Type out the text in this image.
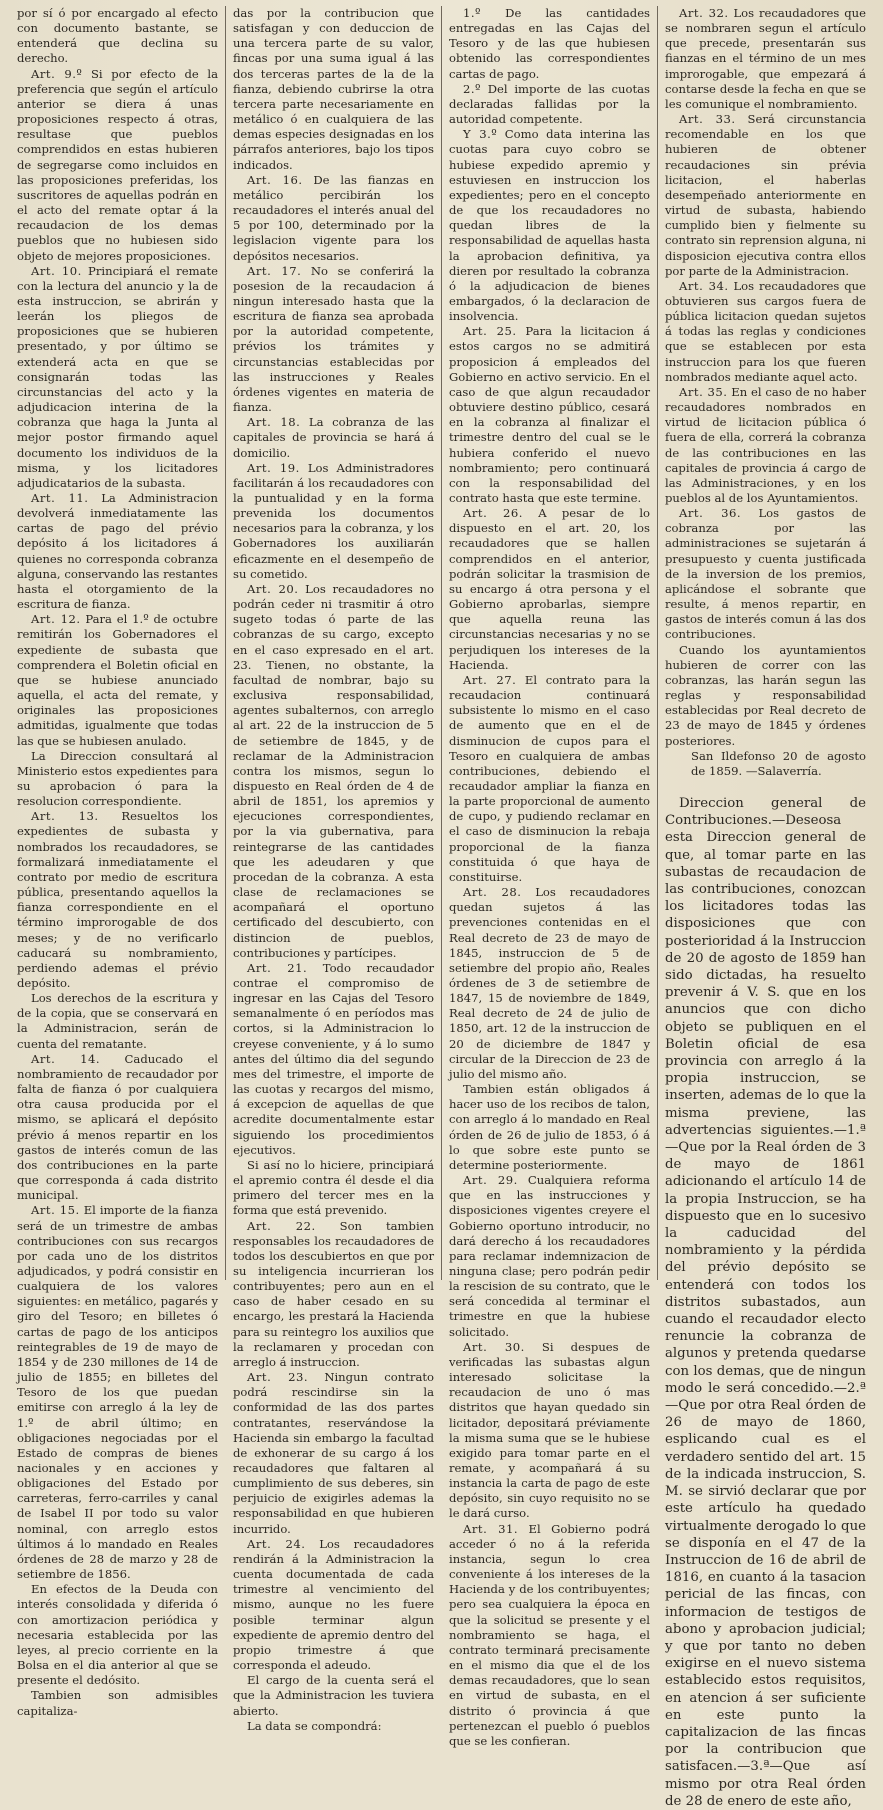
por sí ó por encargado al efecto con documento bastante, se entenderá que declina su derecho.

Art. 9.º Si por efecto de la preferencia que según el artículo anterior se diera á unas proposiciones respecto á otras, resultase que pueblos comprendidos en estas hubieren de segregarse como incluidos en las proposiciones preferidas, los suscritores de aquellas podrán en el acto del remate optar á la recaudacion de los demas pueblos que no hubiesen sido objeto de mejores proposiciones.

Art. 10. Principiará el remate con la lectura del anuncio y la de esta instruccion, se abrirán y leerán los pliegos de proposiciones que se hubieren presentado, y por último se extenderá acta en que se consignarán todas las circunstancias del acto y la adjudicacion interina de la cobranza que haga la Junta al mejor postor firmando aquel documento los individuos de la misma, y los licitadores adjudicatarios de la subasta.

Art. 11. La Administracion devolverá inmediatamente las cartas de pago del prévio depósito á los licitadores á quienes no corresponda cobranza alguna, conservando las restantes hasta el otorgamiento de la escritura de fianza.

Art. 12. Para el 1.º de octubre remitirán los Gobernadores el expediente de subasta que comprendera el Boletin oficial en que se hubiese anunciado aquella, el acta del remate, y originales las proposiciones admitidas, igualmente que todas las que se hubiesen anulado.

La Direccion consultará al Ministerio estos expedientes para su aprobacion ó para la resolucion correspondiente.

Art. 13. Resueltos los expedientes de subasta y nombrados los recaudadores, se formalizará inmediatamente el contrato por medio de escritura pública, presentando aquellos la fianza correspondiente en el término improrogable de dos meses; y de no verificarlo caducará su nombramiento, perdiendo ademas el prévio depósito.

Los derechos de la escritura y de la copia, que se conservará en la Administracion, serán de cuenta del rematante.

Art. 14. Caducado el nombramiento de recaudador por falta de fianza ó por cualquiera otra causa producida por el mismo, se aplicará el depósito prévio á menos repartir en los gastos de interés comun de las dos contribuciones en la parte que corresponda á cada distrito municipal.

Art. 15. El importe de la fianza será de un trimestre de ambas contribuciones con sus recargos por cada uno de los distritos adjudicados, y podrá consistir en cualquiera de los valores siguientes: en metálico, pagarés y giro del Tesoro; en billetes ó cartas de pago de los anticipos reintegrables de 19 de mayo de 1854 y de 230 millones de 14 de julio de 1855; en billetes del Tesoro de los que puedan emitirse con arreglo á la ley de 1.º de abril último; en obligaciones negociadas por el Estado de compras de bienes nacionales y en acciones y obligaciones del Estado por carreteras, ferro-carriles y canal de Isabel II por todo su valor nominal, con arreglo estos últimos á lo mandado en Reales órdenes de 28 de marzo y 28 de setiembre de 1856.

En efectos de la Deuda con interés consolidada y diferida ó con amortizacion periódica y necesaria establecida por las leyes, al precio corriente en la Bolsa en el dia anterior al que se presente el dedósito.

Tambien son admisibles capitaliza-

das por la contribucion que satisfagan y con deduccion de una tercera parte de su valor, fincas por una suma igual á las dos terceras partes de la de la fianza, debiendo cubrirse la otra tercera parte necesariamente en metálico ó en cualquiera de las demas especies designadas en los párrafos anteriores, bajo los tipos indicados.

Art. 16. De las fianzas en metálico percibirán los recaudadores el interés anual del 5 por 100, determinado por la legislacion vigente para los depósitos necesarios.

Art. 17. No se conferirá la posesion de la recaudacion á ningun interesado hasta que la escritura de fianza sea aprobada por la autoridad competente, prévios los trámites y circunstancias establecidas por las instrucciones y Reales órdenes vigentes en materia de fianza.

Art. 18. La cobranza de las capitales de provincia se hará á domicilio.

Art. 19. Los Administradores facilitarán á los recaudadores con la puntualidad y en la forma prevenida los documentos necesarios para la cobranza, y los Gobernadores los auxiliarán eficazmente en el desempeño de su cometido.

Art. 20. Los recaudadores no podrán ceder ni trasmitir á otro sugeto todas ó parte de las cobranzas de su cargo, excepto en el caso expresado en el art. 23. Tienen, no obstante, la facultad de nombrar, bajo su exclusiva responsabilidad, agentes subalternos, con arreglo al art. 22 de la instruccion de 5 de setiembre de 1845, y de reclamar de la Administracion contra los mismos, segun lo dispuesto en Real órden de 4 de abril de 1851, los apremios y ejecuciones correspondientes, por la via gubernativa, para reintegrarse de las cantidades que les adeudaren y que procedan de la cobranza. A esta clase de reclamaciones se acompañará el oportuno certificado del descubierto, con distincion de pueblos, contribuciones y partícipes.

Art. 21. Todo recaudador contrae el compromiso de ingresar en las Cajas del Tesoro semanalmente ó en períodos mas cortos, si la Administracion lo creyese conveniente, y á lo sumo antes del último dia del segundo mes del trimestre, el importe de las cuotas y recargos del mismo, á excepcion de aquellas de que acredite documentalmente estar siguiendo los procedimientos ejecutivos.

Si así no lo hiciere, principiará el apremio contra él desde el dia primero del tercer mes en la forma que está prevenido.

Art. 22. Son tambien responsables los recaudadores de todos los descubiertos en que por su inteligencia incurrieran los contribuyentes; pero aun en el caso de haber cesado en su encargo, les prestará la Hacienda para su reintegro los auxilios que la reclamaren y procedan con arreglo á instruccion.

Art. 23. Ningun contrato podrá rescindirse sin la conformidad de las dos partes contratantes, reservándose la Hacienda sin embargo la facultad de exhonerar de su cargo á los recaudadores que faltaren al cumplimiento de sus deberes, sin perjuicio de exigirles ademas la responsabilidad en que hubieren incurrido.

Art. 24. Los recaudadores rendirán á la Administracion la cuenta documentada de cada trimestre al vencimiento del mismo, aunque no les fuere posible terminar algun expediente de apremio dentro del propio trimestre á que corresponda el adeudo.

El cargo de la cuenta será el que la Administracion les tuviera abierto.

La data se compondrá:

1.º De las cantidades entregadas en las Cajas del Tesoro y de las que hubiesen obtenido las correspondientes cartas de pago.

2.º Del importe de las cuotas declaradas fallidas por la autoridad competente.

Y 3.º Como data interina las cuotas para cuyo cobro se hubiese expedido apremio y estuviesen en instruccion los expedientes; pero en el concepto de que los recaudadores no quedan libres de la responsabilidad de aquellas hasta la aprobacion definitiva, ya dieren por resultado la cobranza ó la adjudicacion de bienes embargados, ó la declaracion de insolvencia.

Art. 25. Para la licitacion á estos cargos no se admitirá proposicion á empleados del Gobierno en activo servicio. En el caso de que algun recaudador obtuviere destino público, cesará en la cobranza al finalizar el trimestre dentro del cual se le hubiera conferido el nuevo nombramiento; pero continuará con la responsabilidad del contrato hasta que este termine.

Art. 26. A pesar de lo dispuesto en el art. 20, los recaudadores que se hallen comprendidos en el anterior, podrán solicitar la trasmision de su encargo á otra persona y el Gobierno aprobarlas, siempre que aquella reuna las circunstancias necesarias y no se perjudiquen los intereses de la Hacienda.

Art. 27. El contrato para la recaudacion continuará subsistente lo mismo en el caso de aumento que en el de disminucion de cupos para el Tesoro en cualquiera de ambas contribuciones, debiendo el recaudador ampliar la fianza en la parte proporcional de aumento de cupo, y pudiendo reclamar en el caso de disminucion la rebaja proporcional de la fianza constituida ó que haya de constituirse.

Art. 28. Los recaudadores quedan sujetos á las prevenciones contenidas en el Real decreto de 23 de mayo de 1845, instruccion de 5 de setiembre del propio año, Reales órdenes de 3 de setiembre de 1847, 15 de noviembre de 1849, Real decreto de 24 de julio de 1850, art. 12 de la instruccion de 20 de diciembre de 1847 y circular de la Direccion de 23 de julio del mismo año.

Tambien están obligados á hacer uso de los recibos de talon, con arreglo á lo mandado en Real órden de 26 de julio de 1853, ó á lo que sobre este punto se determine posteriormente.

Art. 29. Cualquiera reforma que en las instrucciones y disposiciones vigentes creyere el Gobierno oportuno introducir, no dará derecho á los recaudadores para reclamar indemnizacion de ninguna clase; pero podrán pedir la rescision de su contrato, que le será concedida al terminar el trimestre en que la hubiese solicitado.

Art. 30. Si despues de verificadas las subastas algun interesado solicitase la recaudacion de uno ó mas distritos que hayan quedado sin licitador, depositará préviamente la misma suma que se le hubiese exigido para tomar parte en el remate, y acompañará á su instancia la carta de pago de este depósito, sin cuyo requisito no se le dará curso.

Art. 31. El Gobierno podrá acceder ó no á la referida instancia, segun lo crea conveniente á los intereses de la Hacienda y de los contribuyentes; pero sea cualquiera la época en que la solicitud se presente y el nombramiento se haga, el contrato terminará precisamente en el mismo dia que el de los demas recaudadores, que lo sean en virtud de subasta, en el distrito ó provincia á que pertenezcan el pueblo ó pueblos que se les confieran.

Art. 32. Los recaudadores que se nombraren segun el artículo que precede, presentarán sus fianzas en el término de un mes improrogable, que empezará á contarse desde la fecha en que se les comunique el nombramiento.

Art. 33. Será circunstancia recomendable en los que hubieren de obtener recaudaciones sin prévia licitacion, el haberlas desempeñado anteriormente en virtud de subasta, habiendo cumplido bien y fielmente su contrato sin reprension alguna, ni disposicion ejecutiva contra ellos por parte de la Administracion.

Art. 34. Los recaudadores que obtuvieren sus cargos fuera de pública licitacion quedan sujetos á todas las reglas y condiciones que se establecen por esta instruccion para los que fueren nombrados mediante aquel acto.

Art. 35. En el caso de no haber recaudadores nombrados en virtud de licitacion pública ó fuera de ella, correrá la cobranza de las contribuciones en las capitales de provincia á cargo de las Administraciones, y en los pueblos al de los Ayuntamientos.

Art. 36. Los gastos de cobranza por las administraciones se sujetarán á presupuesto y cuenta justificada de la inversion de los premios, aplicándose el sobrante que resulte, á menos repartir, en gastos de interés comun á las dos contribuciones.

Cuando los ayuntamientos hubieren de correr con las cobranzas, las harán segun las reglas y responsabilidad establecidas por Real decreto de 23 de mayo de 1845 y órdenes posteriores.

San Ildefonso 20 de agosto de 1859. —Salaverría.

Direccion general de Contribuciones.—Deseosa esta Direccion general de que, al tomar parte en las subastas de recaudacion de las contribuciones, conozcan los licitadores todas las disposiciones que con posterioridad á la Instruccion de 20 de agosto de 1859 han sido dictadas, ha resuelto prevenir á V. S. que en los anuncios que con dicho objeto se publiquen en el Boletin oficial de esa provincia con arreglo á la propia instruccion, se inserten, ademas de lo que la misma previene, las advertencias siguientes.—1.ª—Que por la Real órden de 3 de mayo de 1861 adicionando el artículo 14 de la propia Instruccion, se ha dispuesto que en lo sucesivo la caducidad del nombramiento y la pérdida del prévio depósito se entenderá con todos los distritos subastados, aun cuando el recaudador electo renuncie la cobranza de algunos y pretenda quedarse con los demas, que de ningun modo le será concedido.—2.ª—Que por otra Real órden de 26 de mayo de 1860, esplicando cual es el verdadero sentido del art. 15 de la indicada instruccion, S. M. se sirvió declarar que por este artículo ha quedado virtualmente derogado lo que se disponía en el 47 de la Instruccion de 16 de abril de 1816, en cuanto á la tasacion pericial de las fincas, con informacion de testigos de abono y aprobacion judicial; y que por tanto no deben exigirse en el nuevo sistema establecido estos requisitos, en atencion á ser suficiente en este punto la capitalizacion de las fincas por la contribucion que satisfacen.—3.ª—Que así mismo por otra Real órden de 28 de enero de este año,
